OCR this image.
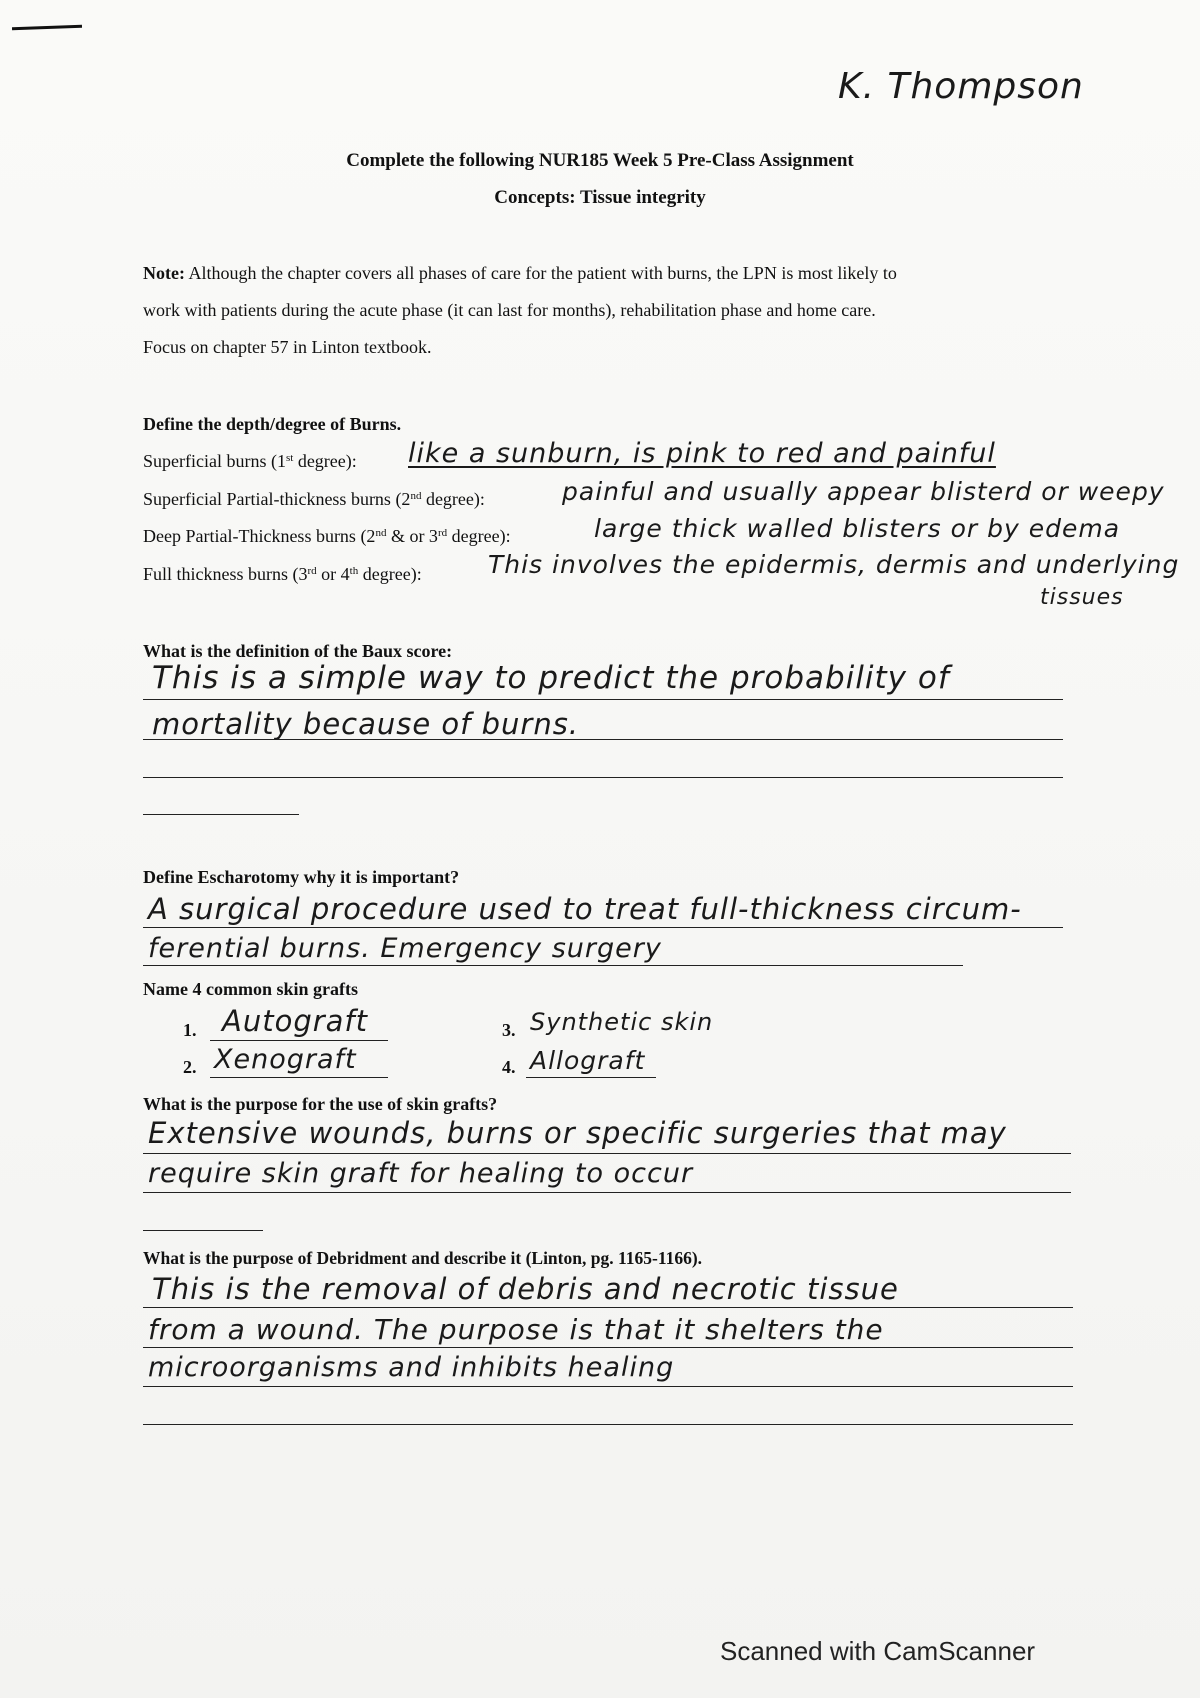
K. Thompson
Complete the following NUR185 Week 5 Pre-Class Assignment
Concepts: Tissue integrity
Note: Although the chapter covers all phases of care for the patient with burns, the LPN is most likely to
work with patients during the acute phase (it can last for months), rehabilitation phase and home care.
Focus on chapter 57 in Linton textbook.
Define the depth/degree of Burns.
Superficial burns (1st degree): like a sunburn, is pink to red and painful
Superficial Partial-thickness burns (2nd degree):	painful and usually appear blisterd or weepy
Deep Partial-Thickness burns (2nd & or 3rd degree):	large thick walled blisters or by edema
Full thickness burns (3rd or 4th degree):	This involves the epidermis, dermis and underlying
tissues
What is the definition of the Baux score:
This is a simple way to predict the probability of
mortality because of burns.
Define Escharotomy why it is important?
A surgical procedure used to treat full-thickness circum-
ferential burns. Emergency surgery
Name 4 common skin grafts
1. Autograft
2. Xenograft
3. Synthetic skin
4. Allograft
What is the purpose for the use of skin grafts?
Extensive wounds, burns or specific surgeries that may
require skin graft for healing to occur
What is the purpose of Debridment and describe it (Linton, pg. 1165-1166).
This is the removal of debris and necrotic tissue
from a wound. The purpose is that it shelters the
microorganisms and inhibits healing
Scanned with CamScanner
